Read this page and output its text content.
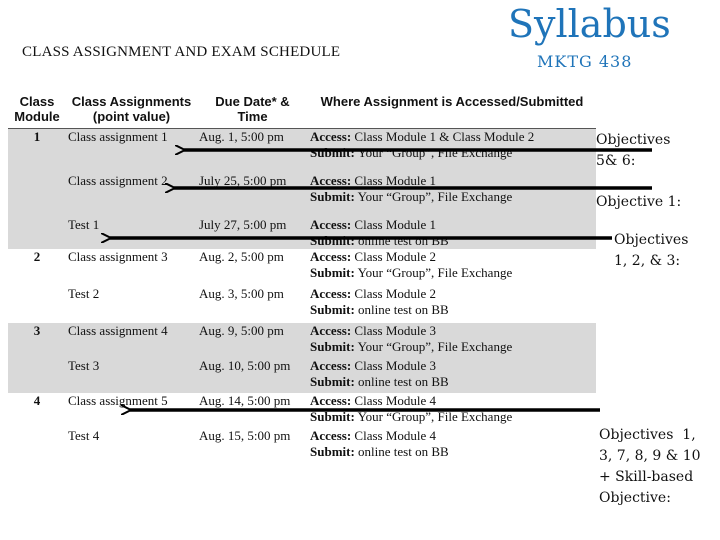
CLASS ASSIGNMENT AND EXAM SCHEDULE
Syllabus
MKTG 438
Class Module	Class Assignments (point value)	Due Date* & Time	Where Assignment is Accessed/Submitted
1	Class assignment 1	Aug. 1, 5:00 pm	Access: Class Module 1 & Class Module 2
Submit: Your “Group”, File Exchange
	Class assignment 2	July 25, 5:00 pm	Access: Class Module 1
Submit: Your “Group”, File Exchange
	Test 1	July 27, 5:00 pm	Access: Class Module 1
Submit: online test on BB
2	Class assignment 3	Aug. 2, 5:00 pm	Access: Class Module 2
Submit: Your “Group”, File Exchange
	Test 2	Aug. 3, 5:00 pm	Access: Class Module 2
Submit: online test on BB
3	Class assignment 4	Aug. 9, 5:00 pm	Access: Class Module 3
Submit: Your “Group”, File Exchange
	Test 3	Aug. 10, 5:00 pm	Access: Class Module 3
Submit: online test on BB
4	Class assignment 5	Aug. 14, 5:00 pm	Access: Class Module 4
Submit: Your “Group”, File Exchange
	Test 4	Aug. 15, 5:00 pm	Access: Class Module 4
Submit: online test on BB
Objectives
5& 6:
Objective 1:
Objectives
1, 2, & 3:
Objectives  1,
3, 7, 8, 9 & 10
+ Skill-based
Objective:
